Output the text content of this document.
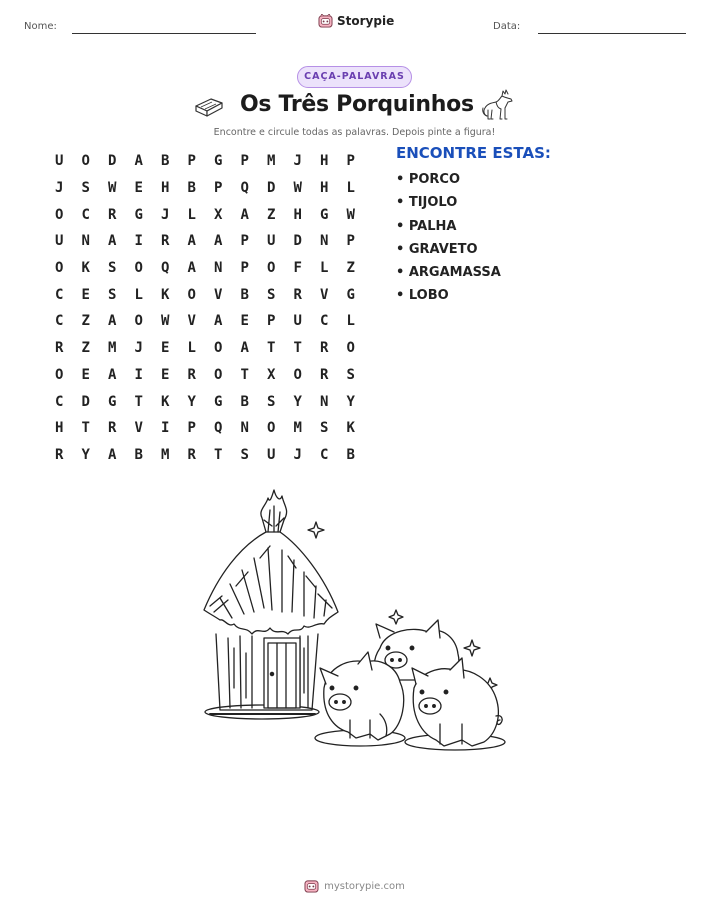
Nome:	Storypie	Data:
CAÇA-PALAVRAS
Os Três Porquinhos
Encontre e circule todas as palavras. Depois pinte a figura!
U	O	D	A	B	P	G	P	M	J	H	P
J	S	W	E	H	B	P	Q	D	W	H	L
O	C	R	G	J	L	X	A	Z	H	G	W
U	N	A	I	R	A	A	P	U	D	N	P
O	K	S	O	Q	A	N	P	O	F	L	Z
C	E	S	L	K	O	V	B	S	R	V	G
C	Z	A	O	W	V	A	E	P	U	C	L
R	Z	M	J	E	L	O	A	T	T	R	O
O	E	A	I	E	R	O	T	X	O	R	S
C	D	G	T	K	Y	G	B	S	Y	N	Y
H	T	R	V	I	P	Q	N	O	M	S	K
R	Y	A	B	M	R	T	S	U	J	C	B
ENCONTRE ESTAS:
• PORCO
• TIJOLO
• PALHA
• GRAVETO
• ARGAMASSA
• LOBO
mystorypie.com
